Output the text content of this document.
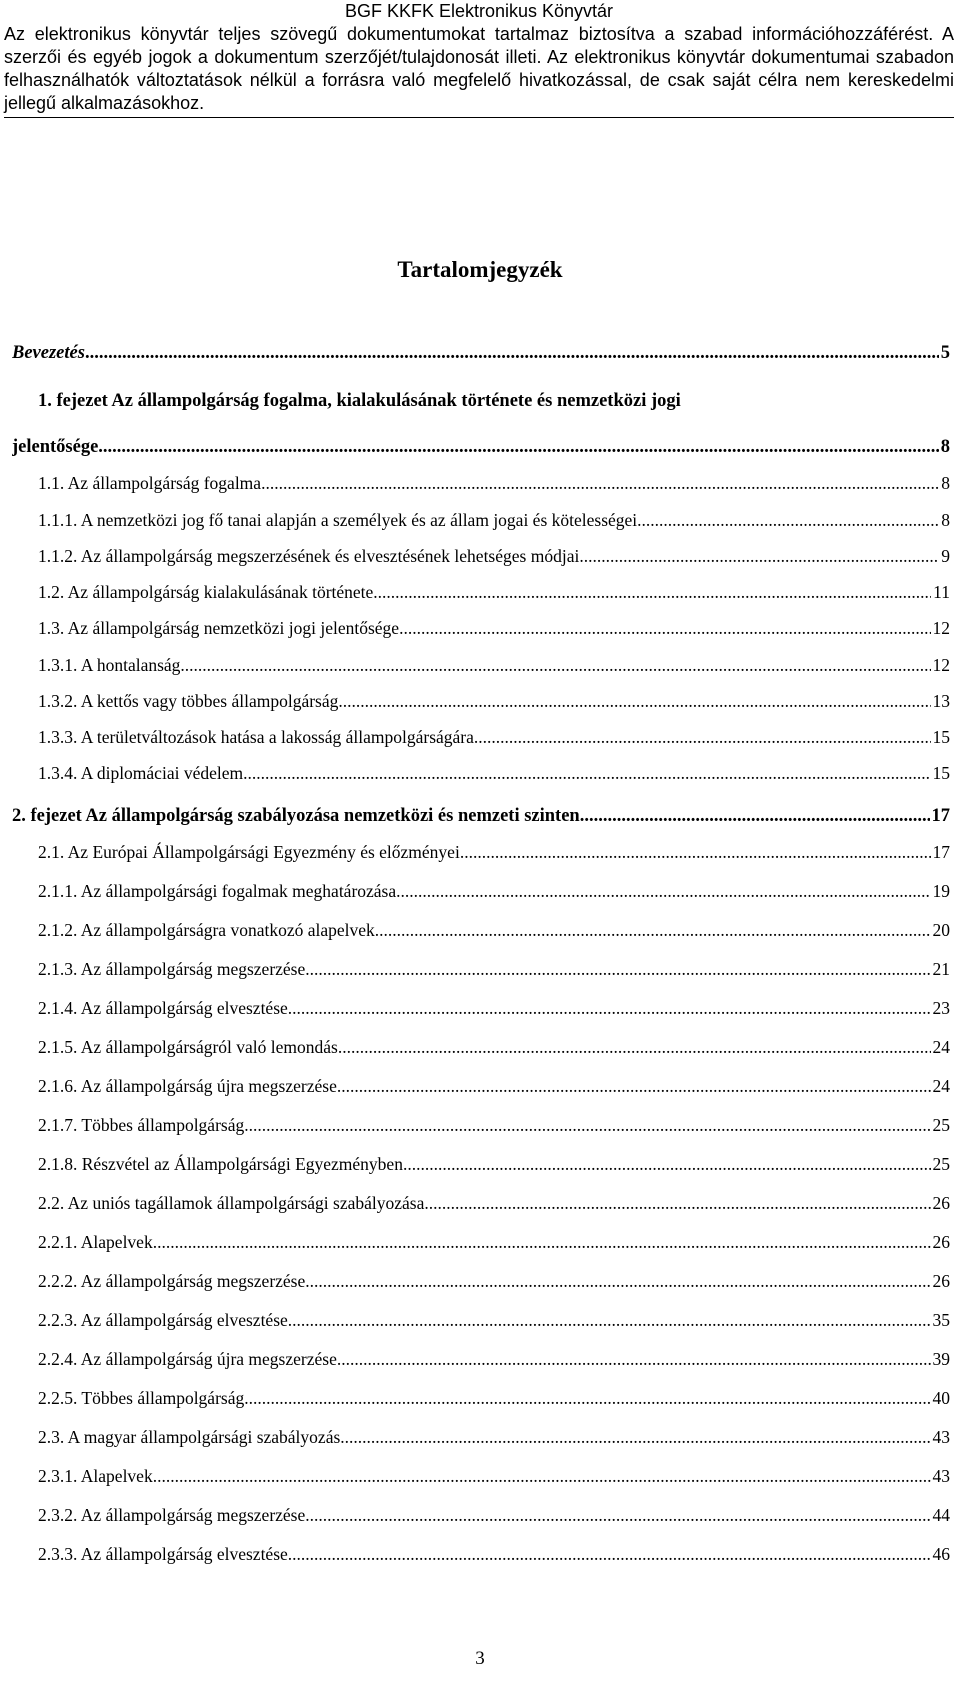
BGF KKFK Elektronikus Könyvtár
Az elektronikus könyvtár teljes szövegű dokumentumokat tartalmaz biztosítva a szabad információhozzáférést. A szerzői és egyéb jogok a dokumentum szerzőjét/tulajdonosát illeti. Az elektronikus könyvtár dokumentumai szabadon felhasználhatók változtatások nélkül a forrásra való megfelelő hivatkozással, de csak saját célra nem kereskedelmi jellegű alkalmazásokhoz.
Tartalomjegyzék
Bevezetés .....	5
1. fejezet Az állampolgárság fogalma, kialakulásának története és nemzetközi jogi
jelentősége .....	8
1.1. Az állampolgárság fogalma .....	8
1.1.1. A nemzetközi jog fő tanai alapján a személyek és az állam jogai és kötelességei .....	8
1.1.2. Az állampolgárság megszerzésének és elvesztésének lehetséges módjai .....	9
1.2. Az állampolgárság kialakulásának története .....	11
1.3. Az állampolgárság nemzetközi jogi jelentősége .....	12
1.3.1. A hontalanság .....	12
1.3.2. A kettős vagy többes állampolgárság .....	13
1.3.3. A területváltozások hatása a lakosság állampolgárságára .....	15
1.3.4. A diplomáciai védelem .....	15
2. fejezet Az állampolgárság szabályozása nemzetközi és nemzeti szinten .....	17
2.1. Az Európai Állampolgársági Egyezmény és előzményei .....	17
2.1.1. Az állampolgársági fogalmak meghatározása .....	19
2.1.2. Az állampolgárságra vonatkozó alapelvek .....	20
2.1.3. Az állampolgárság megszerzése .....	21
2.1.4. Az állampolgárság elvesztése .....	23
2.1.5. Az állampolgárságról való lemondás .....	24
2.1.6. Az állampolgárság újra megszerzése .....	24
2.1.7. Többes állampolgárság .....	25
2.1.8. Részvétel az Állampolgársági Egyezményben .....	25
2.2. Az uniós tagállamok állampolgársági szabályozása .....	26
2.2.1. Alapelvek .....	26
2.2.2. Az állampolgárság megszerzése .....	26
2.2.3. Az állampolgárság elvesztése .....	35
2.2.4. Az állampolgárság újra megszerzése .....	39
2.2.5. Többes állampolgárság .....	40
2.3. A magyar állampolgársági szabályozás .....	43
2.3.1. Alapelvek .....	43
2.3.2. Az állampolgárság megszerzése .....	44
2.3.3. Az állampolgárság elvesztése .....	46
3
